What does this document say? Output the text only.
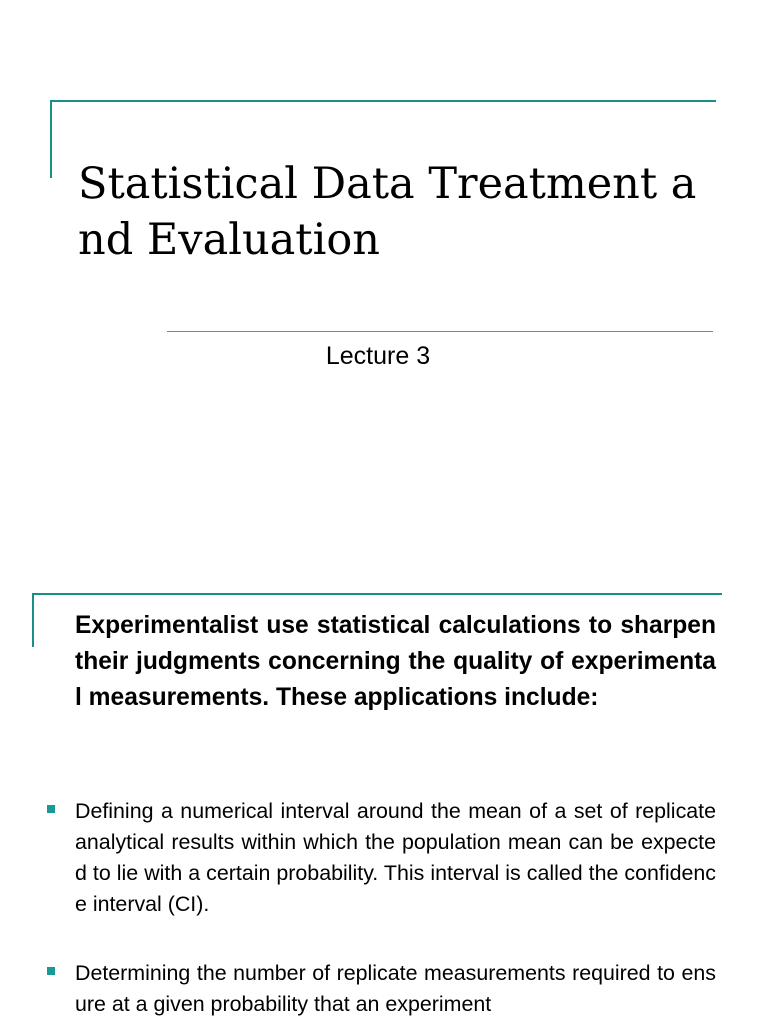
Statistical Data Treatment and Evaluation
Lecture 3

Experimentalist use statistical calculations to sharpen their judgments concerning the quality of experimental measurements. These applications include:

Defining a numerical interval around the mean of a set of replicate analytical results within which the population mean can be expected to lie with a certain probability. This interval is called the confidence interval (CI).
Determining the number of replicate measurements required to ensure at a given probability that an experiment
